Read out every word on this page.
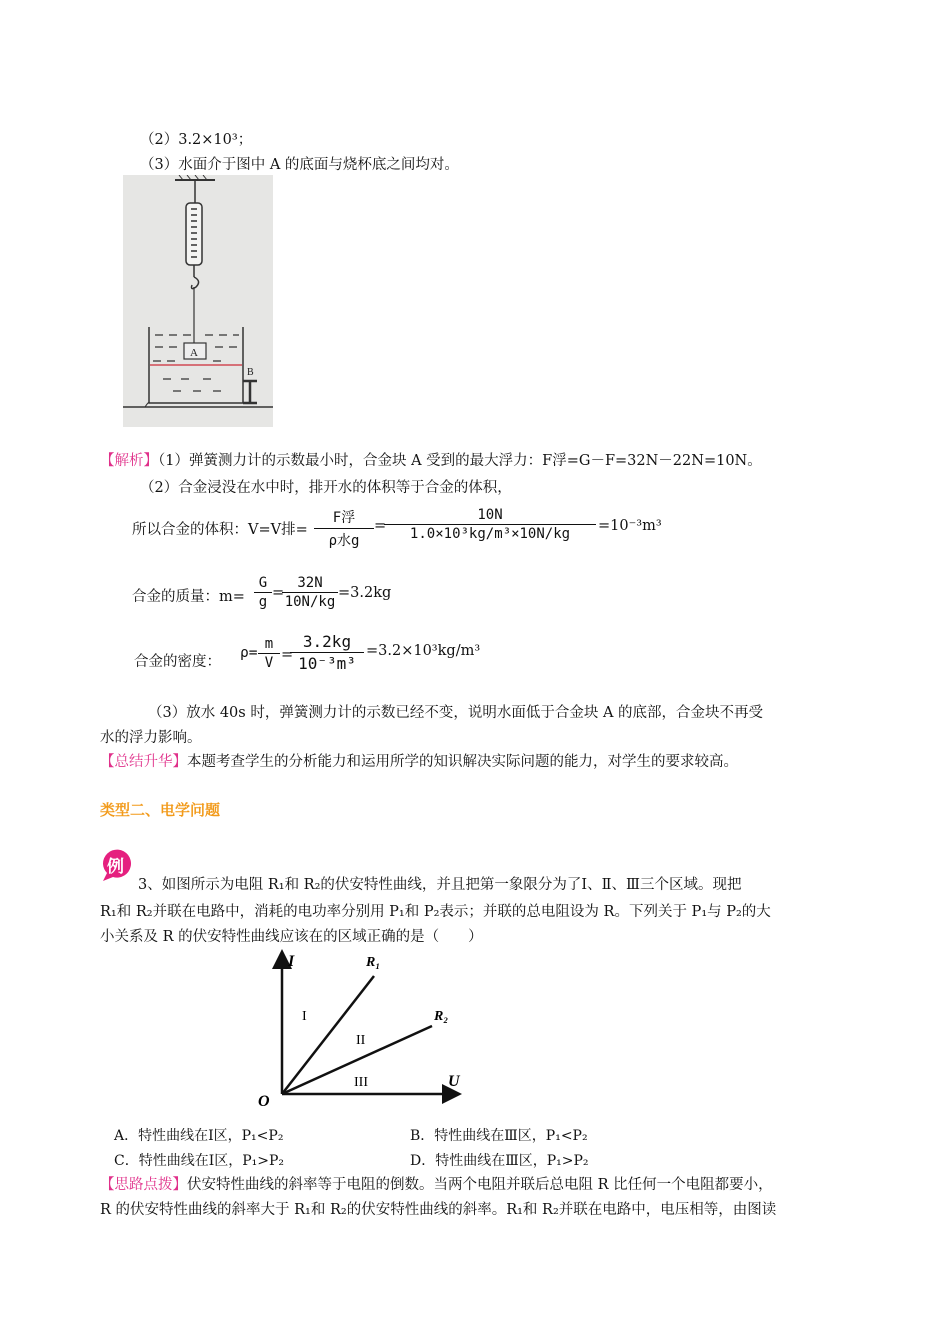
（2）3.2×10³；
（3）水面介于图中 A 的底面与烧杯底之间均对。
A
B
【解析】（1）弹簧测力计的示数最小时，合金块 A 受到的最大浮力：F浮=G－F=32N－22N=10N。
（2）合金浸没在水中时，排开水的体积等于合金的体积，
所以合金的体积：V=V排=
F浮
ρ水g
=
$\frac{10N}{\text{1.0×10³kg/m³×10N/kg}} =10^{-3}m^3$
合金的质量：$m= \frac{G}{g}$ =
$\frac{32N}{10N/kg} =3.2kg$
合金的密度：
$\rho= \frac{m}{V}$ =
$\frac{3.2kg}{\text{10⁻³m³}} =3.2\times 10^3kg/m^3$
（3）放水 40s 时，弹簧测力计的示数已经不变，说明水面低于合金块 A 的底部，合金块不再受
水的浮力影响。
【总结升华】本题考查学生的分析能力和运用所学的知识解决实际问题的能力，对学生的要求较高。
类型二、电学问题
例
3、如图所示为电阻 R₁和 R₂的伏安特性曲线，并且把第一象限分为了Ⅰ、Ⅱ、Ⅲ三个区域。现把
R₁和 R₂并联在电路中，消耗的电功率分别用 P₁和 P₂表示；并联的总电阻设为 R。下列关于 P₁与 P₂的大
小关系及 R 的伏安特性曲线应该在的区域正确的是（　　）
I
U
O
R₁
R₂
I
II
III
A．特性曲线在Ⅰ区，P₁<P₂	B．特性曲线在Ⅲ区，P₁<P₂
C．特性曲线在Ⅰ区，P₁>P₂	D．特性曲线在Ⅲ区，P₁>P₂
【思路点拨】伏安特性曲线的斜率等于电阻的倒数。当两个电阻并联后总电阻 R 比任何一个电阻都要小，
R 的伏安特性曲线的斜率大于 R₁和 R₂的伏安特性曲线的斜率。R₁和 R₂并联在电路中，电压相等，由图读
